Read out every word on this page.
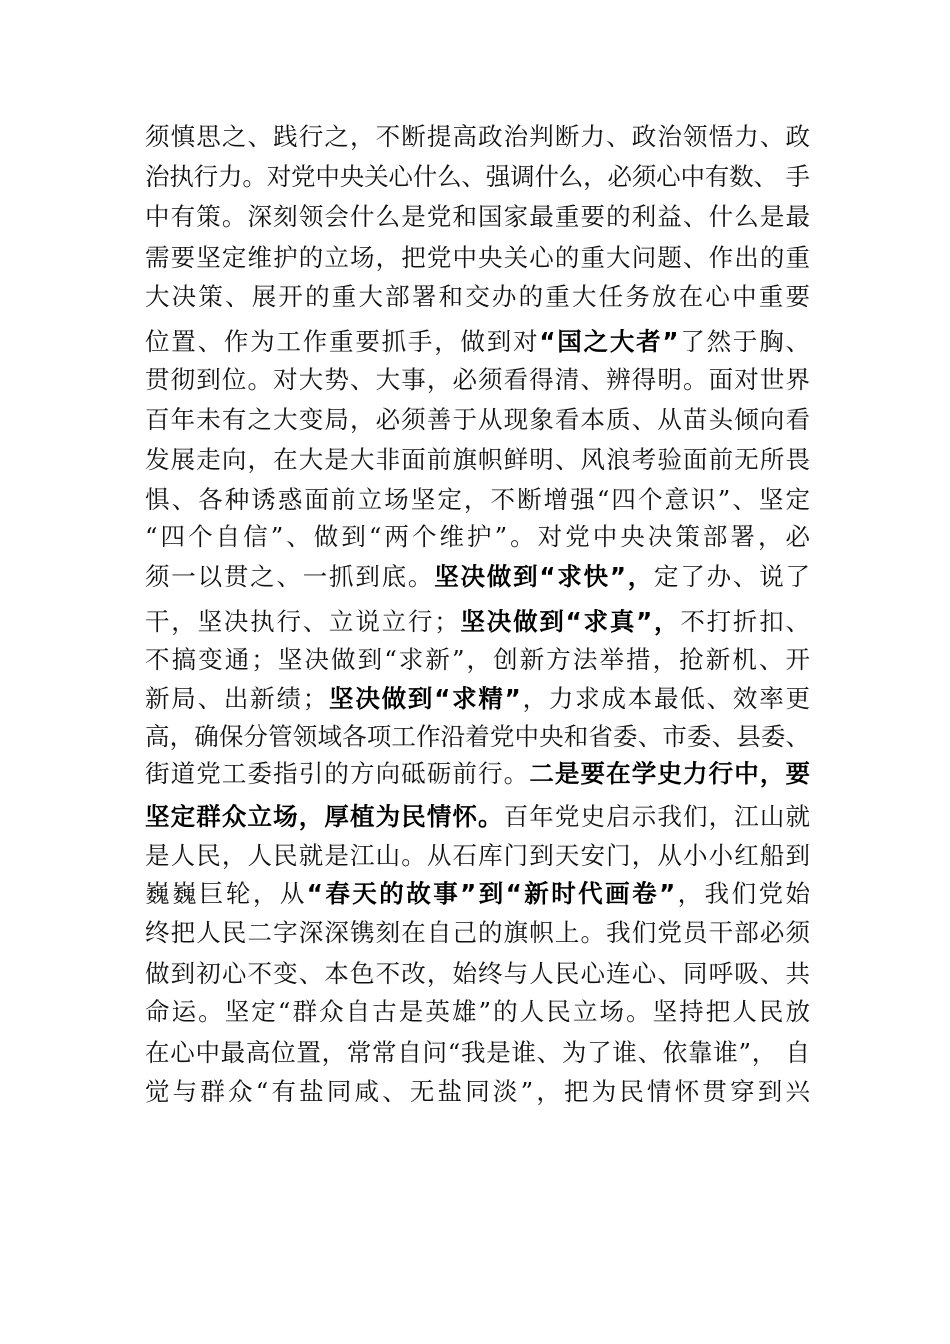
须慎思之、践行之，不断提高政治判断力、政治领悟力、政
治执行力。对党中央关心什么、强调什么，必须心中有数、 手
中有策。深刻领会什么是党和国家最重要的利益、什么是最
需要坚定维护的立场，把党中央关心的重大问题、作出的重
大决策、展开的重大部署和交办的重大任务放在心中重要
位置、作为工作重要抓手，做到对“国之大者”了然于胸、
贯彻到位。对大势、大事，必须看得清、辨得明。面对世界
百年未有之大变局，必须善于从现象看本质、从苗头倾向看
发展走向，在大是大非面前旗帜鲜明、风浪考验面前无所畏
惧、各种诱惑面前立场坚定，不断增强“四个意识”、坚定
“四个自信”、做到“两个维护”。对党中央决策部署，必
须一以贯之、一抓到底。坚决做到“求快”，定了办、说了
干，坚决执行、立说立行；坚决做到“求真”，不打折扣、
不搞变通；坚决做到“求新”，创新方法举措，抢新机、开
新局、出新绩；坚决做到“求精”，力求成本最低、效率更
高，确保分管领域各项工作沿着党中央和省委、市委、县委、
街道党工委指引的方向砥砺前行。二是要在学史力行中，要
坚定群众立场，厚植为民情怀。百年党史启示我们，江山就
是人民，人民就是江山。从石库门到天安门，从小小红船到
巍巍巨轮，从“春天的故事”到“新时代画卷”，我们党始
终把人民二字深深镌刻在自己的旗帜上。我们党员干部必须
做到初心不变、本色不改，始终与人民心连心、同呼吸、共
命运。坚定“群众自古是英雄”的人民立场。坚持把人民放
在心中最高位置，常常自问“我是谁、为了谁、依靠谁”， 自
觉与群众“有盐同咸、无盐同淡”，把为民情怀贯穿到兴
